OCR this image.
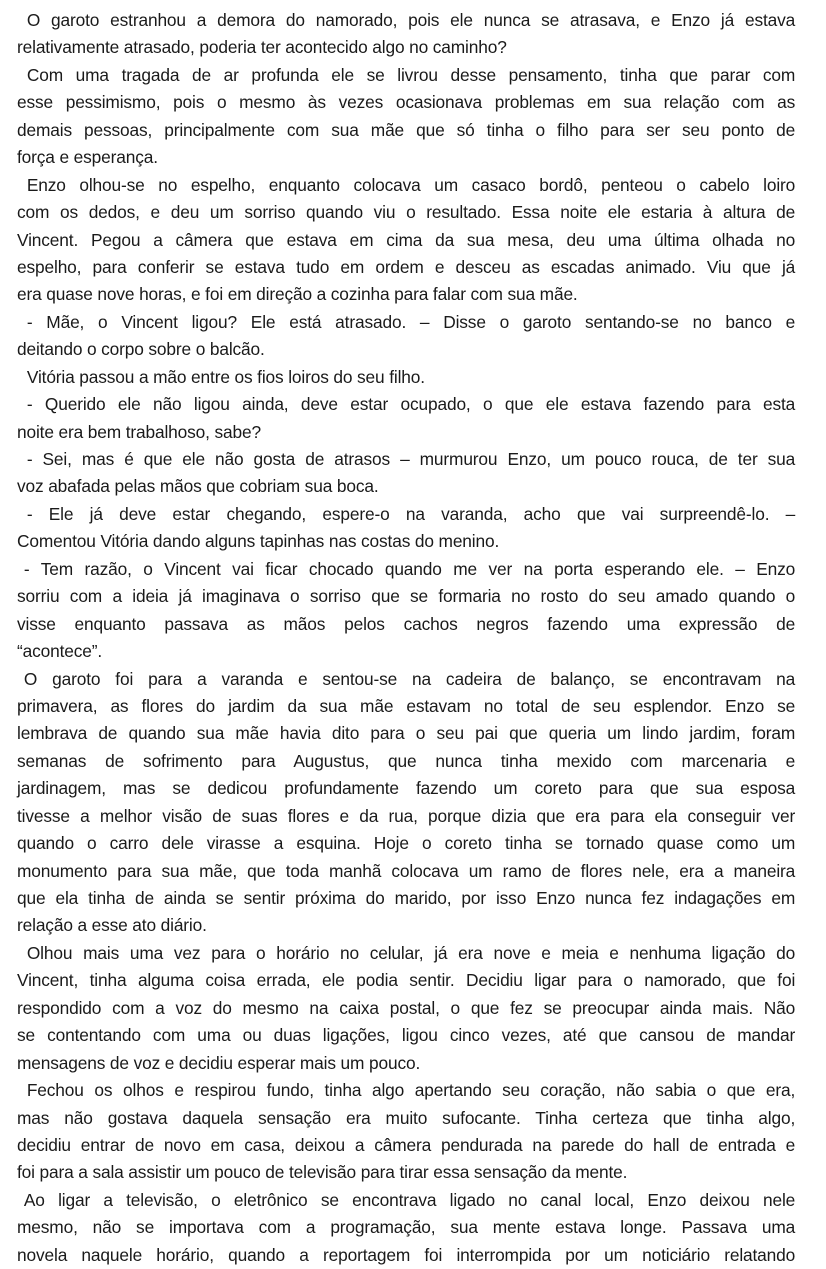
O garoto estranhou a demora do namorado, pois ele nunca se atrasava, e Enzo já estava
relativamente atrasado, poderia ter acontecido algo no caminho?
Com uma tragada de ar profunda ele se livrou desse pensamento, tinha que parar com
esse pessimismo, pois o mesmo às vezes ocasionava problemas em sua relação com as
demais pessoas, principalmente com sua mãe que só tinha o filho para ser seu ponto de
força e esperança.
Enzo olhou-se no espelho, enquanto colocava um casaco bordô, penteou o cabelo loiro
com os dedos, e deu um sorriso quando viu o resultado. Essa noite ele estaria à altura de
Vincent. Pegou a câmera que estava em cima da sua mesa, deu uma última olhada no
espelho, para conferir se estava tudo em ordem e desceu as escadas animado. Viu que já
era quase nove horas, e foi em direção a cozinha para falar com sua mãe.
- Mãe, o Vincent ligou? Ele está atrasado. – Disse o garoto sentando-se no banco e
deitando o corpo sobre o balcão.
Vitória passou a mão entre os fios loiros do seu filho.
- Querido ele não ligou ainda, deve estar ocupado, o que ele estava fazendo para esta
noite era bem trabalhoso, sabe?
- Sei, mas é que ele não gosta de atrasos – murmurou Enzo, um pouco rouca, de ter sua
voz abafada pelas mãos que cobriam sua boca.
- Ele já deve estar chegando, espere-o na varanda, acho que vai surpreendê-lo. –
Comentou Vitória dando alguns tapinhas nas costas do menino.
- Tem razão, o Vincent vai ficar chocado quando me ver na porta esperando ele. – Enzo
sorriu com a ideia já imaginava o sorriso que se formaria no rosto do seu amado quando o
visse enquanto passava as mãos pelos cachos negros fazendo uma expressão de
“acontece”.
O garoto foi para a varanda e sentou-se na cadeira de balanço, se encontravam na
primavera, as flores do jardim da sua mãe estavam no total de seu esplendor. Enzo se
lembrava de quando sua mãe havia dito para o seu pai que queria um lindo jardim, foram
semanas de sofrimento para Augustus, que nunca tinha mexido com marcenaria e
jardinagem, mas se dedicou profundamente fazendo um coreto para que sua esposa
tivesse a melhor visão de suas flores e da rua, porque dizia que era para ela conseguir ver
quando o carro dele virasse a esquina. Hoje o coreto tinha se tornado quase como um
monumento para sua mãe, que toda manhã colocava um ramo de flores nele, era a maneira
que ela tinha de ainda se sentir próxima do marido, por isso Enzo nunca fez indagações em
relação a esse ato diário.
Olhou mais uma vez para o horário no celular, já era nove e meia e nenhuma ligação do
Vincent, tinha alguma coisa errada, ele podia sentir. Decidiu ligar para o namorado, que foi
respondido com a voz do mesmo na caixa postal, o que fez se preocupar ainda mais. Não
se contentando com uma ou duas ligações, ligou cinco vezes, até que cansou de mandar
mensagens de voz e decidiu esperar mais um pouco.
Fechou os olhos e respirou fundo, tinha algo apertando seu coração, não sabia o que era,
mas não gostava daquela sensação era muito sufocante. Tinha certeza que tinha algo,
decidiu entrar de novo em casa, deixou a câmera pendurada na parede do hall de entrada e
foi para a sala assistir um pouco de televisão para tirar essa sensação da mente.
Ao ligar a televisão, o eletrônico se encontrava ligado no canal local, Enzo deixou nele
mesmo, não se importava com a programação, sua mente estava longe. Passava uma
novela naquele horário, quando a reportagem foi interrompida por um noticiário relatando
